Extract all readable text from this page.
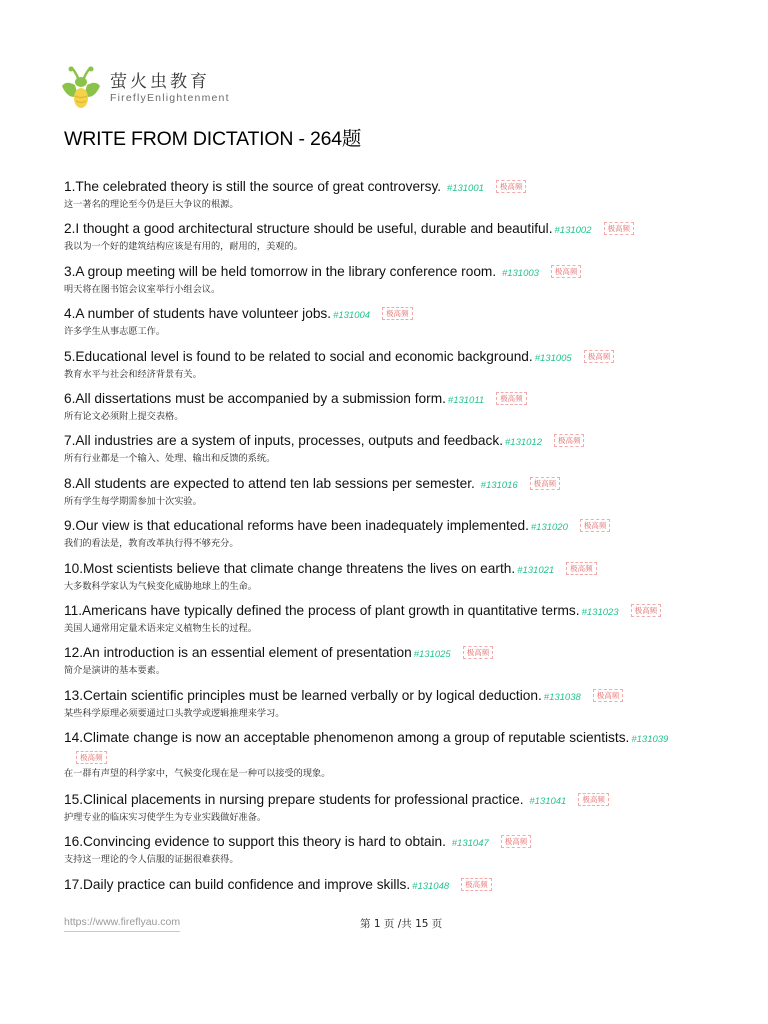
萤火虫教育
FireflyEnlightenment
WRITE FROM DICTATION - 264题
1.The celebrated theory is still the source of great controversy. #131001 极高频
这一著名的理论至今仍是巨大争议的根源。
2.I thought a good architectural structure should be useful, durable and beautiful. #131002 极高频
我以为一个好的建筑结构应该是有用的，耐用的，美观的。
3.A group meeting will be held tomorrow in the library conference room. #131003 极高频
明天将在图书馆会议室举行小组会议。
4.A number of students have volunteer jobs. #131004 极高频
许多学生从事志愿工作。
5.Educational level is found to be related to social and economic background. #131005 极高频
教育水平与社会和经济背景有关。
6.All dissertations must be accompanied by a submission form. #131011 极高频
所有论文必须附上提交表格。
7.All industries are a system of inputs, processes, outputs and feedback. #131012 极高频
所有行业都是一个输入、处理、输出和反馈的系统。
8.All students are expected to attend ten lab sessions per semester. #131016 极高频
所有学生每学期需参加十次实验。
9.Our view is that educational reforms have been inadequately implemented. #131020 极高频
我们的看法是，教育改革执行得不够充分。
10.Most scientists believe that climate change threatens the lives on earth. #131021 极高频
大多数科学家认为气候变化威胁地球上的生命。
11.Americans have typically defined the process of plant growth in quantitative terms. #131023 极高频
美国人通常用定量术语来定义植物生长的过程。
12.An introduction is an essential element of presentation #131025 极高频
简介是演讲的基本要素。
13.Certain scientific principles must be learned verbally or by logical deduction. #131038 极高频
某些科学原理必须要通过口头教学或逻辑推理来学习。
14.Climate change is now an acceptable phenomenon among a group of reputable scientists. #131039
极高频
在一群有声望的科学家中，气候变化现在是一种可以接受的现象。
15.Clinical placements in nursing prepare students for professional practice. #131041 极高频
护理专业的临床实习使学生为专业实践做好准备。
16.Convincing evidence to support this theory is hard to obtain. #131047 极高频
支持这一理论的令人信服的证据很难获得。
17.Daily practice can build confidence and improve skills. #131048 极高频
https://www.fireflyau.com	第 1 页 /共 15 页
